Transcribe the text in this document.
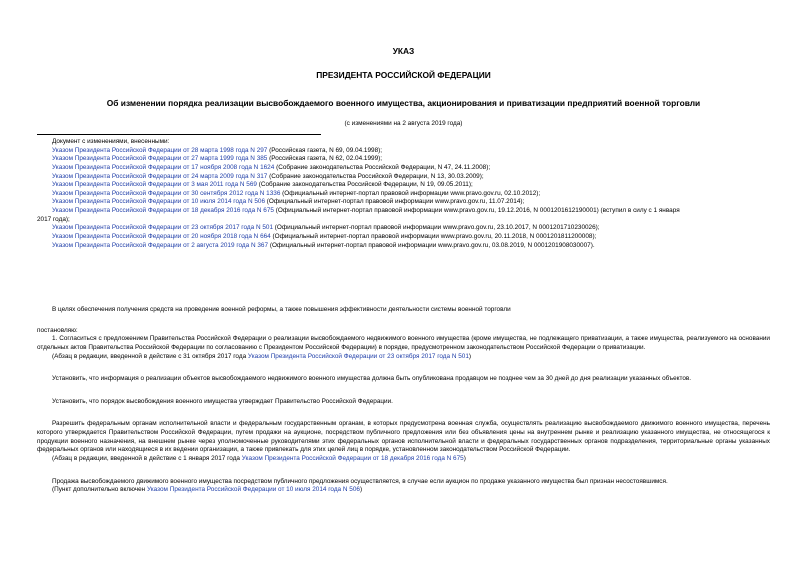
УКАЗ
ПРЕЗИДЕНТА РОССИЙСКОЙ ФЕДЕРАЦИИ
Об изменении порядка реализации высвобождаемого военного имущества, акционирования и приватизации предприятий военной торговли
(с изменениями на 2 августа 2019 года)

Документ с изменениями, внесенными:

Указом Президента Российской Федерации от 28 марта 1998 года N 297 (Российская газета, N 69, 09.04.1998);

Указом Президента Российской Федерации от 27 марта 1999 года N 385 (Российская газета, N 62, 02.04.1999);

Указом Президента Российской Федерации от 17 ноября 2008 года N 1624 (Собрание законодательства Российской Федерации, N 47, 24.11.2008);

Указом Президента Российской Федерации от 24 марта 2009 года N 317 (Собрание законодательства Российской Федерации, N 13, 30.03.2009);

Указом Президента Российской Федерации от 3 мая 2011 года N 569 (Собрание законодательства Российской Федерации, N 19, 09.05.2011);

Указом Президента Российской Федерации от 30 сентября 2012 года N 1336 (Официальный интернет-портал правовой информации www.pravo.gov.ru, 02.10.2012);

Указом Президента Российской Федерации от 10 июля 2014 года N 506 (Официальный интернет-портал правовой информации www.pravo.gov.ru, 11.07.2014);

Указом Президента Российской Федерации от 18 декабря 2016 года N 675 (Официальный интернет-портал правовой информации www.pravo.gov.ru, 19.12.2016, N 0001201612190001) (вступил в силу с 1 января

2017 года);

Указом Президента Российской Федерации от 23 октября 2017 года N 501 (Официальный интернет-портал правовой информации www.pravo.gov.ru, 23.10.2017, N 0001201710230026);

Указом Президента Российской Федерации от 20 ноября 2018 года N 664 (Официальный интернет-портал правовой информации www.pravo.gov.ru, 20.11.2018, N 0001201811200008);

Указом Президента Российской Федерации от 2 августа 2019 года N 367 (Официальный интернет-портал правовой информации www.pravo.gov.ru, 03.08.2019, N 0001201908030007).

В целях обеспечения получения средств на проведение военной реформы, а также повышения эффективности деятельности системы военной торговли

постановляю:

1. Согласиться с предложением Правительства Российской Федерации о реализации высвобождаемого недвижимого военного имущества (кроме имущества, не подлежащего приватизации, а также имущества, реализуемого на основании отдельных актов Правительства Российской Федерации по согласованию с Президентом Российской Федерации) в порядке, предусмотренном законодательством Российской Федерации о приватизации.

(Абзац в редакции, введенной в действие с 31 октября 2017 года Указом Президента Российской Федерации от 23 октября 2017 года N 501)

Установить, что информация о реализации объектов высвобождаемого недвижимого военного имущества должна быть опубликована продавцом не позднее чем за 30 дней до дня реализации указанных объектов.

Установить, что порядок высвобождения военного имущества утверждает Правительство Российской Федерации.

Разрешить федеральным органам исполнительной власти и федеральным государственным органам, в которых предусмотрена военная служба, осуществлять реализацию высвобождаемого движимого военного имущества, перечень которого утверждается Правительством Российской Федерации, путем продажи на аукционе, посредством публичного предложения или без объявления цены на внутреннем рынке и реализацию указанного имущества, не относящегося к продукции военного назначения, на внешнем рынке через уполномоченные руководителями этих федеральных органов исполнительной власти и федеральных государственных органов подразделения, территориальные органы указанных федеральных органов или находящиеся в их ведении организации, а также привлекать для этих целей лиц в порядке, установленном законодательством Российской Федерации.

(Абзац в редакции, введенной в действие с 1 января 2017 года Указом Президента Российской Федерации от 18 декабря 2016 года N 675)

Продажа высвобождаемого движимого военного имущества посредством публичного предложения осуществляется, в случае если аукцион по продаже указанного имущества был признан несостоявшимся.

(Пункт дополнительно включен Указом Президента Российской Федерации от 10 июля 2014 года N 506)
